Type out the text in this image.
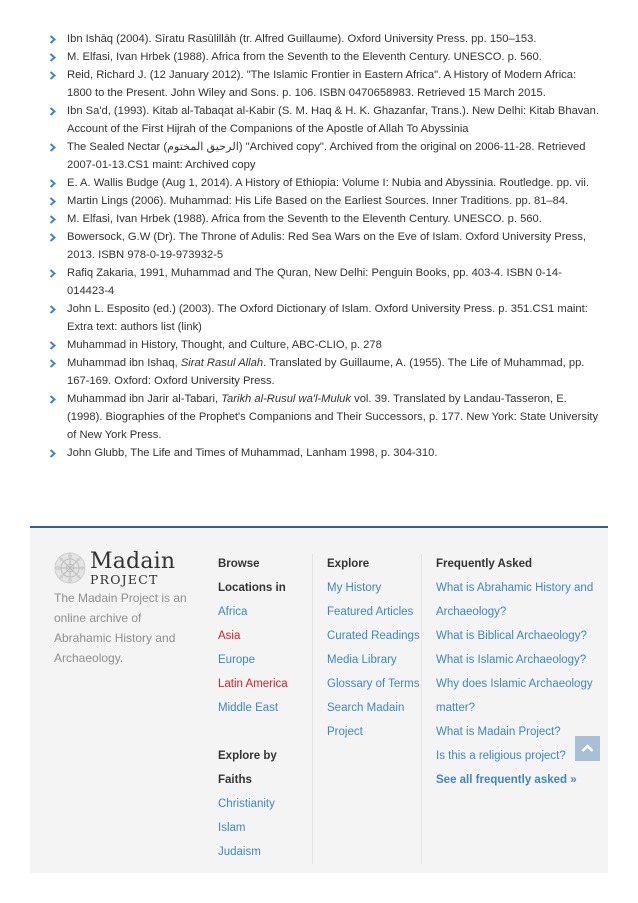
Ibn Ishāq (2004). Sīratu Rasūlillāh (tr. Alfred Guillaume). Oxford University Press. pp. 150–153.
M. Elfasi, Ivan Hrbek (1988). Africa from the Seventh to the Eleventh Century. UNESCO. p. 560.
Reid, Richard J. (12 January 2012). "The Islamic Frontier in Eastern Africa". A History of Modern Africa: 1800 to the Present. John Wiley and Sons. p. 106. ISBN 0470658983. Retrieved 15 March 2015.
Ibn Sa'd, (1993). Kitab al-Tabaqat al-Kabir (S. M. Haq & H. K. Ghazanfar, Trans.). New Delhi: Kitab Bhavan. Account of the First Hijrah of the Companions of the Apostle of Allah To Abyssinia
The Sealed Nectar (الرحيق المختوم) "Archived copy". Archived from the original on 2006-11-28. Retrieved 2007-01-13.CS1 maint: Archived copy
E. A. Wallis Budge (Aug 1, 2014). A History of Ethiopia: Volume I: Nubia and Abyssinia. Routledge. pp. vii.
Martin Lings (2006). Muhammad: His Life Based on the Earliest Sources. Inner Traditions. pp. 81–84.
M. Elfasi, Ivan Hrbek (1988). Africa from the Seventh to the Eleventh Century. UNESCO. p. 560.
Bowersock, G.W (Dr). The Throne of Adulis: Red Sea Wars on the Eve of Islam. Oxford University Press, 2013. ISBN 978-0-19-973932-5
Rafiq Zakaria, 1991, Muhammad and The Quran, New Delhi: Penguin Books, pp. 403-4. ISBN 0-14-014423-4
John L. Esposito (ed.) (2003). The Oxford Dictionary of Islam. Oxford University Press. p. 351.CS1 maint: Extra text: authors list (link)
Muhammad in History, Thought, and Culture, ABC-CLIO, p. 278
Muhammad ibn Ishaq, Sirat Rasul Allah. Translated by Guillaume, A. (1955). The Life of Muhammad, pp. 167-169. Oxford: Oxford University Press.
Muhammad ibn Jarir al-Tabari, Tarikh al-Rusul wa'l-Muluk vol. 39. Translated by Landau-Tasseron, E. (1998). Biographies of the Prophet's Companions and Their Successors, p. 177. New York: State University of New York Press.
John Glubb, The Life and Times of Muhammad, Lanham 1998, p. 304-310.
Madain
PROJECT

The Madain Project is an online archive of Abrahamic History and Archaeology.

Browse
Locations in
Africa
Asia
Europe
Latin America
Middle East
Explore by Faiths
Christianity
Islam
Judaism
Explore
My History
Featured Articles
Curated Readings
Media Library
Glossary of Terms
Search Madain Project
Frequently Asked
What is Abrahamic History and Archaeology?
What is Biblical Archaeology?
What is Islamic Archaeology?
Why does Islamic Archaeology matter?
What is Madain Project?
Is this a religious project?
See all frequently asked »
